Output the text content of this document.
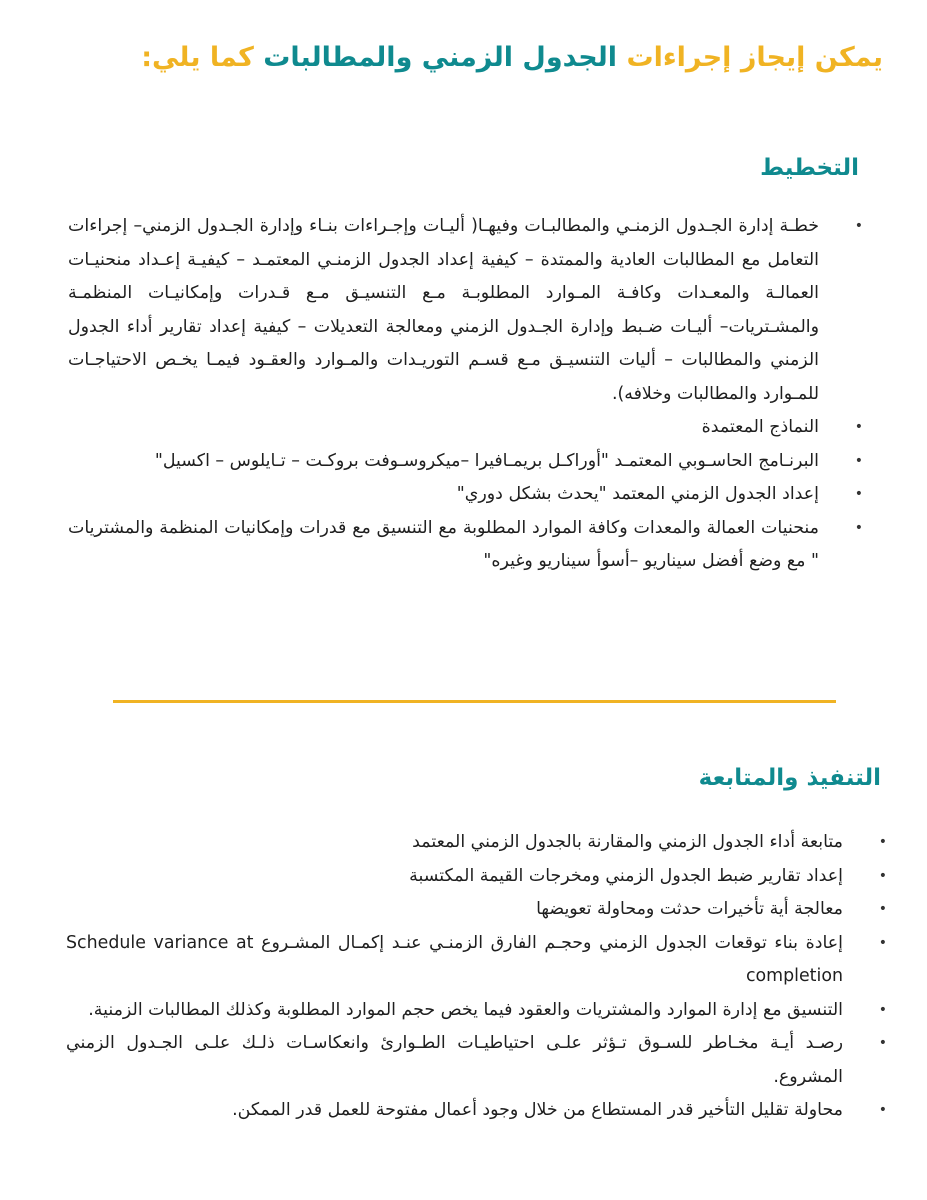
يمكن إيجاز إجراءات الجدول الزمني والمطالبات كما يلي:
التخطيط
•
خطـة إدارة الجـدول الزمنـي والمطالبـات وفيهـا( أليـات وإجـراءات بنـاء وإدارة الجـدول الزمني– إجراءات التعامل مع المطالبات العادية والممتدة – كيفية إعداد الجدول الزمنـي المعتمـد – كيفيـة إعـداد منحنيـات العمالـة والمعـدات وكافـة المـوارد المطلوبـة مـع التنسيـق مـع قـدرات وإمكانيـات المنظمـة والمشـتريات– أليـات ضـبط وإدارة الجـدول الزمني ومعالجة التعديلات – كيفية إعداد تقارير أداء الجدول الزمني والمطالبات – أليات التنسيـق مـع قسـم التوريـدات والمـوارد والعقـود فيمـا يخـص الاحتياجـات للمـوارد والمطالبات وخلافه).
•
النماذج المعتمدة
•
البرنـامج الحاسـوبي المعتمـد "أوراكـل بريمـافيرا –ميكروسـوفت بروكـت – تـايلوس – اكسيل"
•
إعداد الجدول الزمني المعتمد "يحدث بشكل دوري"
•
منحنيات العمالة والمعدات وكافة الموارد المطلوبة مع التنسيق مع قدرات وإمكانيات المنظمة والمشتريات " مع وضع أفضل سيناريو –أسوأ سيناريو وغيره"
التنفيذ والمتابعة
•
متابعة أداء الجدول الزمني والمقارنة بالجدول الزمني المعتمد
•
إعداد تقارير ضبط الجدول الزمني ومخرجات القيمة المكتسبة
•
معالجة أية تأخيرات حدثت ومحاولة تعويضها
•
إعادة بناء توقعات الجدول الزمني وحجـم الفارق الزمنـي عنـد إكمـال المشـروع Schedule variance at completion
•
التنسيق مع إدارة الموارد والمشتريات والعقود فيما يخص حجم الموارد المطلوبة وكذلك المطالبات الزمنية.
•
رصـد أيـة مخـاطر للسـوق تـؤثر علـى احتياطيـات الطـوارئ وانعكاسـات ذلـك علـى الجـدول الزمني المشروع.
•
محاولة تقليل التأخير قدر المستطاع من خلال وجود أعمال مفتوحة للعمل قدر الممكن.
